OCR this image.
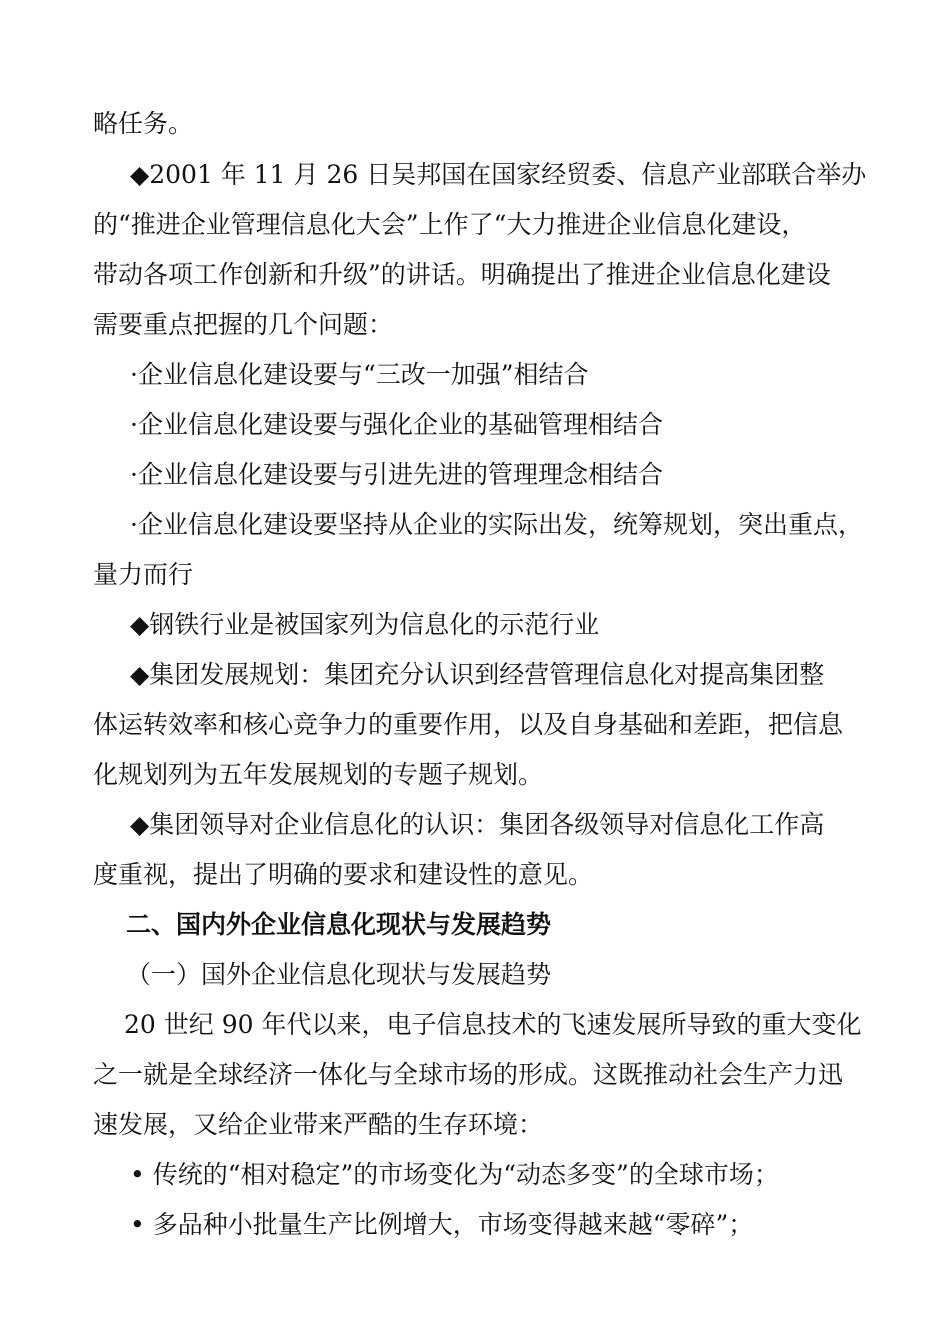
略任务。
◆2001 年 11 月 26 日吴邦国在国家经贸委、信息产业部联合举办
的“推进企业管理信息化大会”上作了“大力推进企业信息化建设，
带动各项工作创新和升级”的讲话。明确提出了推进企业信息化建设
需要重点把握的几个问题：
·企业信息化建设要与“三改一加强”相结合
·企业信息化建设要与强化企业的基础管理相结合
·企业信息化建设要与引进先进的管理理念相结合
·企业信息化建设要坚持从企业的实际出发，统筹规划，突出重点，
量力而行
◆钢铁行业是被国家列为信息化的示范行业
◆集团发展规划：集团充分认识到经营管理信息化对提高集团整
体运转效率和核心竞争力的重要作用，以及自身基础和差距，把信息
化规划列为五年发展规划的专题子规划。
◆集团领导对企业信息化的认识：集团各级领导对信息化工作高
度重视，提出了明确的要求和建设性的意见。
二、国内外企业信息化现状与发展趋势
（一）国外企业信息化现状与发展趋势
20 世纪 90 年代以来，电子信息技术的飞速发展所导致的重大变化
之一就是全球经济一体化与全球市场的形成。这既推动社会生产力迅
速发展，又给企业带来严酷的生存环境：
• 传统的“相对稳定”的市场变化为“动态多变”的全球市场；
• 多品种小批量生产比例增大，市场变得越来越“零碎”；
